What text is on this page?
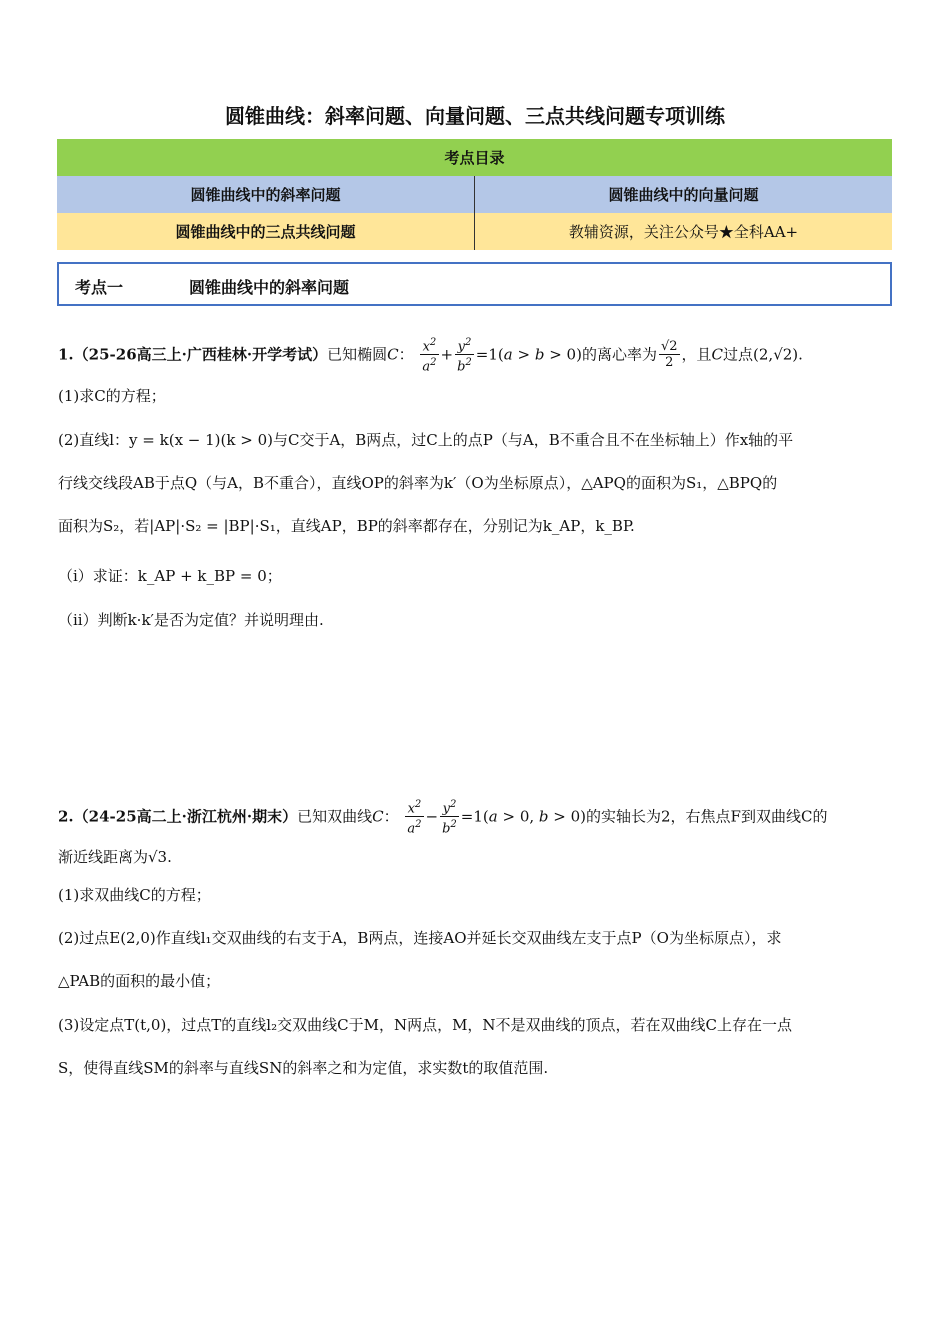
圆锥曲线：斜率问题、向量问题、三点共线问题专项训练
考点目录	
圆锥曲线中的斜率问题	圆锥曲线中的向量问题
圆锥曲线中的三点共线问题	教辅资源，关注公众号★全科AA+
考点一	圆锥曲线中的斜率问题
1.（25-26高三上·广西桂林·开学考试）已知椭圆C： $\frac{x^2}{a^2} + \frac{y^2}{b^2} =1(a > b > 0)$的离心率为 $\frac{√2}{2}$ ，且C过点(2,√2).
(1)求C的方程；
(2)直线l：y = k(x − 1)(k > 0)与C交于A，B两点，过C上的点P（与A，B不重合且不在坐标轴上）作x轴的平
行线交线段AB于点Q（与A，B不重合），直线OP的斜率为k′（O为坐标原点），△APQ的面积为S₁，△BPQ的
面积为S₂，若|AP|·S₂ = |BP|·S₁，直线AP，BP的斜率都存在，分别记为k_AP，k_BP.
（i）求证：k_AP + k_BP = 0；
（ii）判断k·k′是否为定值？并说明理由.
2.（24-25高二上·浙江杭州·期末）已知双曲线C： $\frac{x^2}{a^2} - \frac{y^2}{b^2} =1(a > 0$, b > 0)的实轴长为2，右焦点F到双曲线C的
渐近线距离为√3.
(1)求双曲线C的方程；
(2)过点E(2,0)作直线l₁交双曲线的右支于A，B两点，连接AO并延长交双曲线左支于点P（O为坐标原点），求
△PAB的面积的最小值；
(3)设定点T(t,0)，过点T的直线l₂交双曲线C于M，N两点，M，N不是双曲线的顶点，若在双曲线C上存在一点
S，使得直线SM的斜率与直线SN的斜率之和为定值，求实数t的取值范围.
